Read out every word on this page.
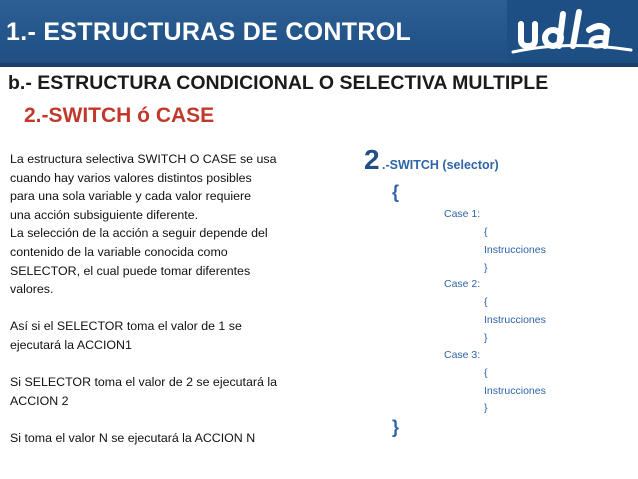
1.- ESTRUCTURAS DE CONTROL
b.- ESTRUCTURA CONDICIONAL O SELECTIVA MULTIPLE
2.-SWITCH ó CASE

La estructura selectiva SWITCH O CASE se usa

cuando hay varios valores distintos posibles

para una sola variable y cada valor requiere

una acción subsiguiente diferente.

La selección de la acción a seguir depende del

contenido de la variable conocida como

SELECTOR, el cual puede tomar diferentes

valores.

Así si el SELECTOR toma el valor de 1 se

ejecutará la ACCION1

Si SELECTOR toma el valor de 2 se ejecutará la

ACCION 2

Si toma el valor N se ejecutará la ACCION N

2 .-SWITCH (selector)
{
Case 1:
{
Instrucciones
}
Case 2:
{
Instrucciones
}
Case 3:
{
Instrucciones
}
}
